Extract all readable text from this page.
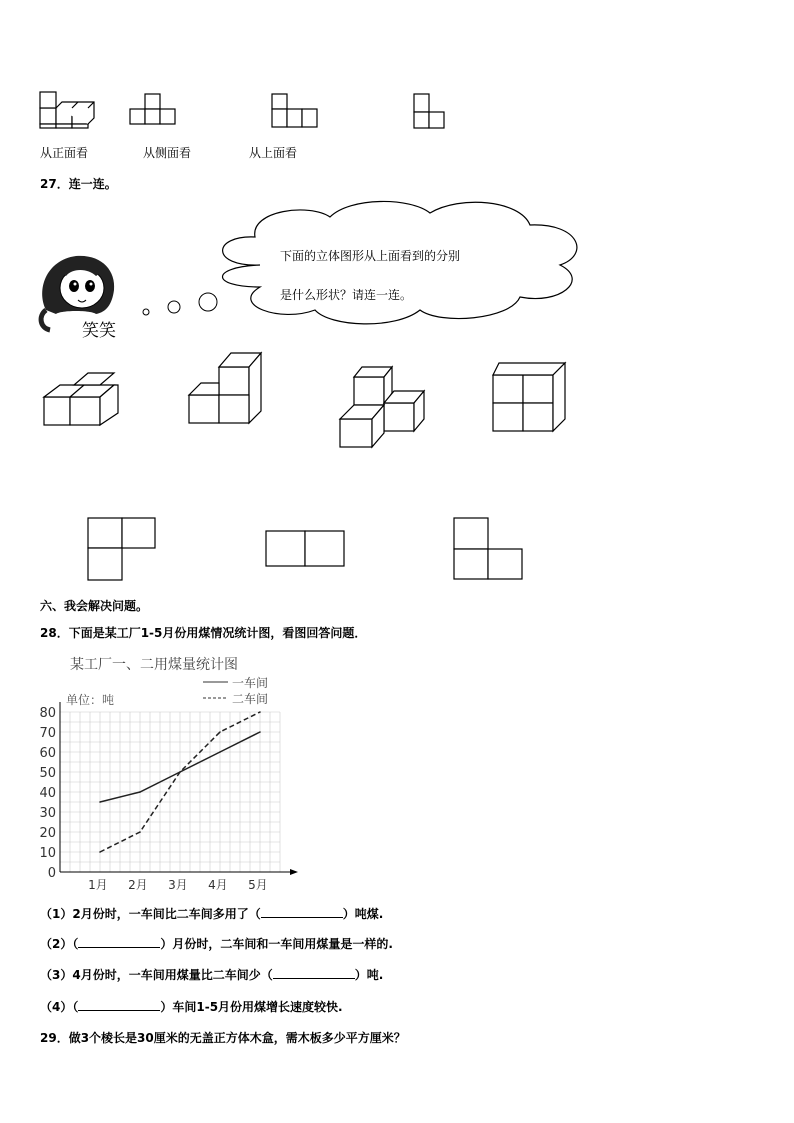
从正面看	从侧面看	从上面看
27．连一连。
笑笑
下面的立体图形从上面看到的分别
是什么形状？请连一连。
六、我会解决问题。
28．下面是某工厂1-5月份用煤情况统计图，看图回答问题．
某工厂一、二用煤量统计图
0
10
20
30
40
50
60
70
80
1月 2月 3月 4月 5月
单位：吨
一车间
二车间
（1）2月份时，一车间比二车间多用了（	）吨煤.
（2）（	）月份时，二车间和一车间用煤量是一样的.
（3）4月份时，一车间用煤量比二车间少（	）吨.
（4）（	）车间1-5月份用煤增长速度较快.
29．做3个棱长是30厘米的无盖正方体木盒，需木板多少平方厘米？
